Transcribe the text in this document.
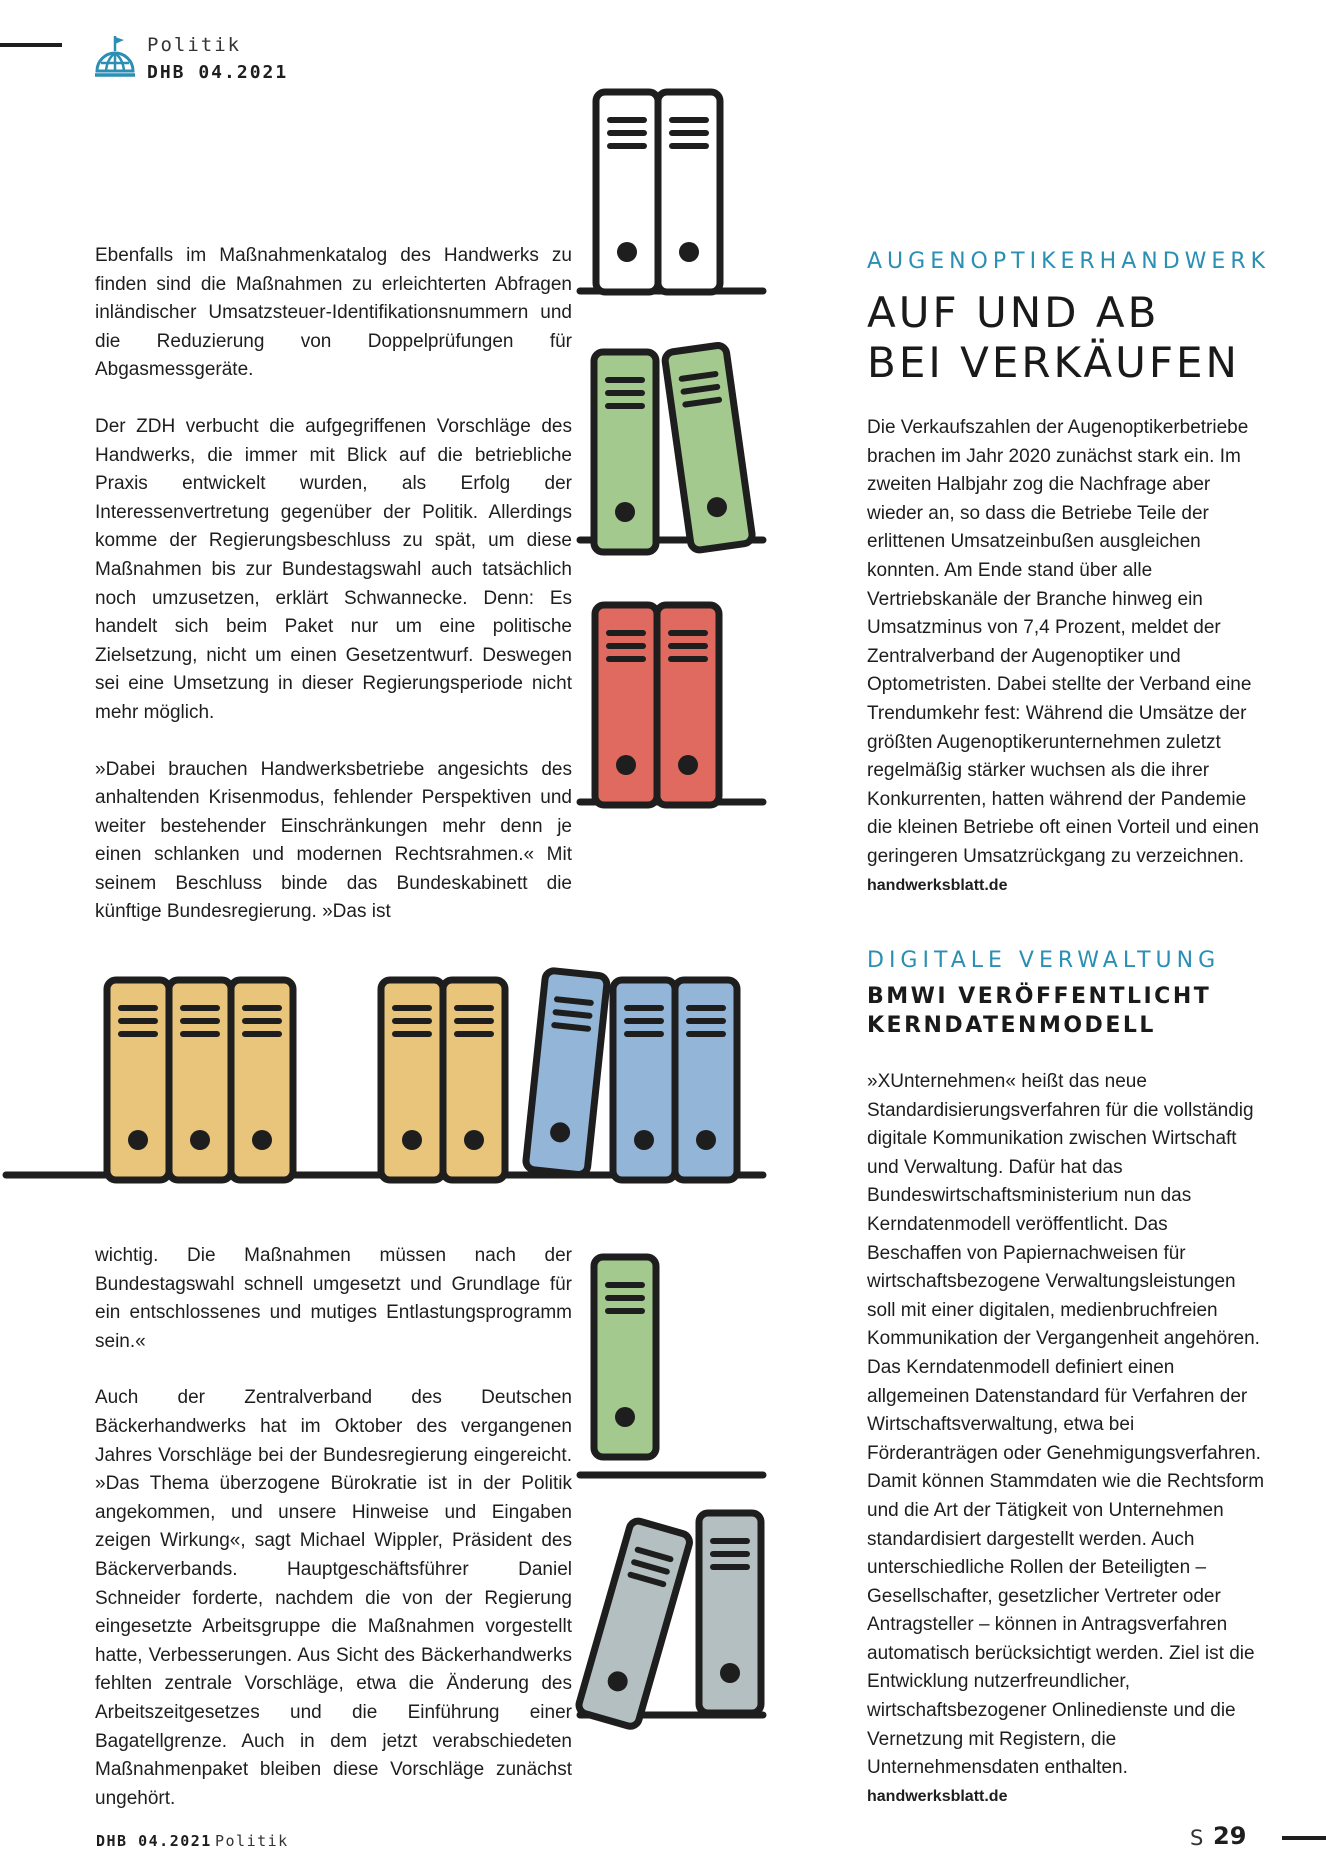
Politik
DHB 04.2021

Ebenfalls im Maßnahmenkatalog des Handwerks zu finden sind die Maßnahmen zu erleichterten Abfragen inländischer Umsatzsteuer-Identifikationsnummern und die Reduzierung von Doppelprüfungen für Abgasmessgeräte.

Der ZDH verbucht die aufgegriffenen Vorschläge des Handwerks, die immer mit Blick auf die betriebliche Praxis entwickelt wurden, als Erfolg der Interessenvertretung gegenüber der Politik. Allerdings komme der Regierungsbeschluss zu spät, um diese Maßnahmen bis zur Bundestagswahl auch tatsächlich noch umzusetzen, erklärt Schwannecke. Denn: Es handelt sich beim Paket nur um eine politische Zielsetzung, nicht um einen Gesetzentwurf. Deswegen sei eine Umsetzung in dieser Regierungsperiode nicht mehr möglich.

»Dabei brauchen Handwerksbetriebe angesichts des anhaltenden Krisenmodus, fehlender Perspektiven und weiter bestehender Einschränkungen mehr denn je einen schlanken und modernen Rechtsrahmen.« Mit seinem Beschluss binde das Bundeskabinett die künftige Bundesregierung. »Das ist

wichtig. Die Maßnahmen müssen nach der Bundestagswahl schnell umgesetzt und Grundlage für ein entschlossenes und mutiges Entlastungsprogramm sein.«

Auch der Zentralverband des Deutschen Bäckerhandwerks hat im Oktober des vergangenen Jahres Vorschläge bei der Bundesregierung eingereicht. »Das Thema überzogene Bürokratie ist in der Politik angekommen, und unsere Hinweise und Eingaben zeigen Wirkung«, sagt Michael Wippler, Präsident des Bäckerverbands. Hauptgeschäftsführer Daniel Schneider forderte, nachdem die von der Regierung eingesetzte Arbeitsgruppe die Maßnahmen vorgestellt hatte, Verbesserungen. Aus Sicht des Bäckerhandwerks fehlten zentrale Vorschläge, etwa die Änderung des Arbeitszeitgesetzes und die Einführung einer Bagatellgrenze. Auch in dem jetzt verabschiedeten Maßnahmenpaket bleiben diese Vorschläge zunächst ungehört.

AUGENOPTIKERHANDWERK
AUF UND AB
BEI VERKÄUFEN
Die Verkaufszahlen der Augenoptikerbetriebe brachen im Jahr 2020 zunächst stark ein. Im zweiten Halbjahr zog die Nachfrage aber wieder an, so dass die Betriebe Teile der erlittenen Umsatzeinbußen ausgleichen konnten. Am Ende stand über alle Vertriebskanäle der Branche hinweg ein Umsatzminus von 7,4 Prozent, meldet der Zentralverband der Augenoptiker und Optometristen. Dabei stellte der Verband eine Trendumkehr fest: Während die Umsätze der größten Augenoptikerunternehmen zuletzt regelmäßig stärker wuchsen als die ihrer Konkurrenten, hatten während der Pandemie die kleinen Betriebe oft einen Vorteil und einen geringeren Umsatzrückgang zu verzeichnen.
handwerksblatt.de
DIGITALE VERWALTUNG
BMWI VERÖFFENTLICHT
KERNDATENMODELL
»XUnternehmen« heißt das neue Standardisierungsverfahren für die vollständig digitale Kommunikation zwischen Wirtschaft und Verwaltung. Dafür hat das Bundeswirtschaftsministerium nun das Kerndatenmodell veröffentlicht. Das Beschaffen von Papiernachweisen für wirtschaftsbezogene Verwaltungsleistungen soll mit einer digitalen, medienbruchfreien Kommunikation der Vergangenheit angehören. Das Kerndatenmodell definiert einen allgemeinen Datenstandard für Verfahren der Wirtschaftsverwaltung, etwa bei Förderanträgen oder Genehmigungsverfahren. Damit können Stammdaten wie die Rechtsform und die Art der Tätigkeit von Unternehmen standardisiert dargestellt werden. Auch unterschiedliche Rollen der Beteiligten – Gesellschafter, gesetzlicher Vertreter oder Antragsteller – können in Antragsverfahren automatisch berücksichtigt werden. Ziel ist die Entwicklung nutzerfreundlicher, wirtschaftsbezogener Onlinedienste und die Vernetzung mit Registern, die Unternehmensdaten enthalten.
handwerksblatt.de
DHB 04.2021 Politik	S 29
